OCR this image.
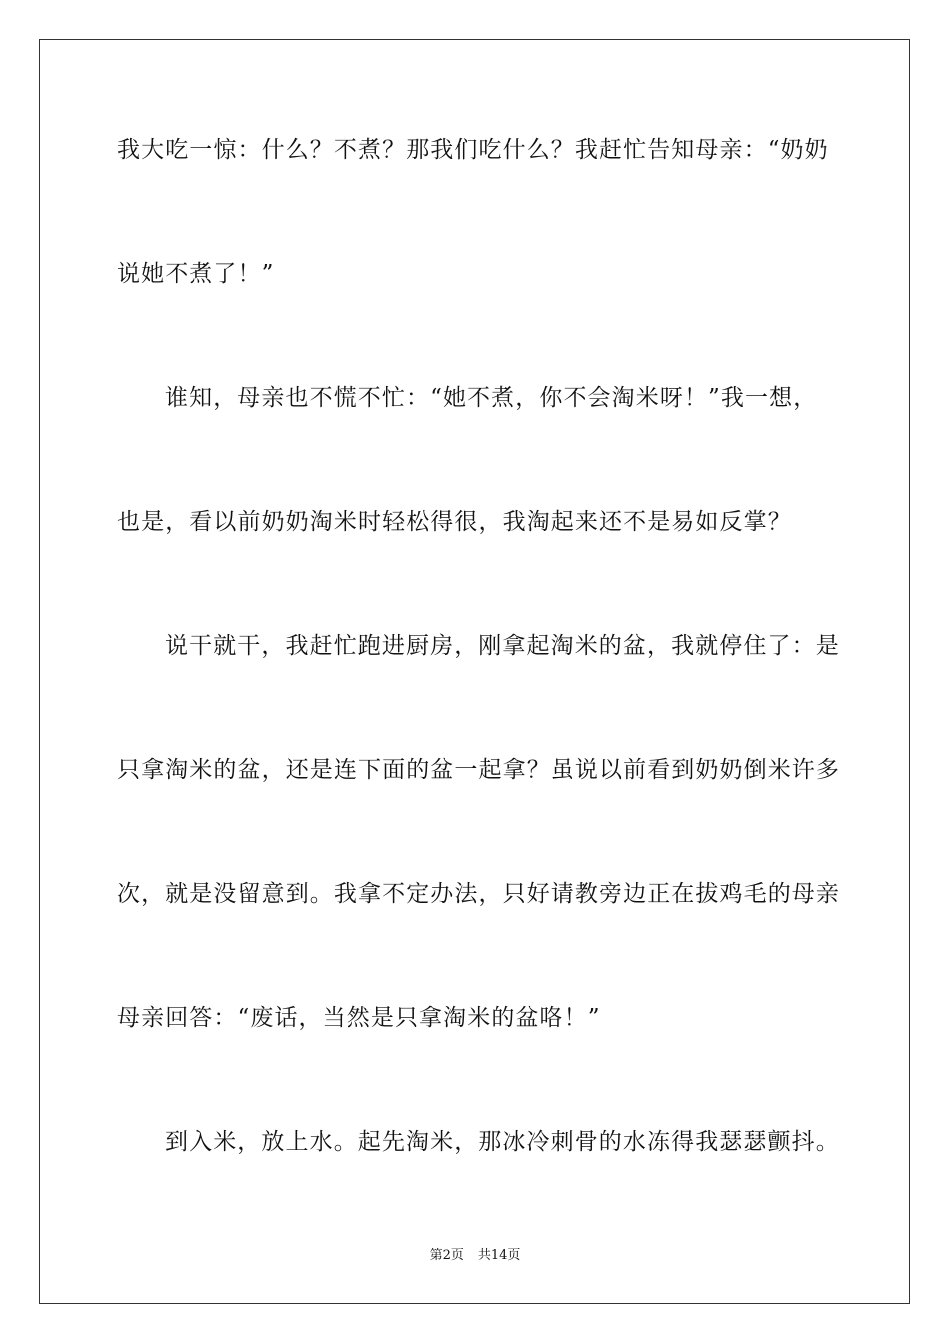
我大吃一惊：什么？不煮？那我们吃什么？我赶忙告知母亲：“奶奶
说她不煮了！”
谁知，母亲也不慌不忙：“她不煮，你不会淘米呀！”我一想，
也是，看以前奶奶淘米时轻松得很，我淘起来还不是易如反掌？
说干就干，我赶忙跑进厨房，刚拿起淘米的盆，我就停住了：是
只拿淘米的盆，还是连下面的盆一起拿？虽说以前看到奶奶倒米许多
次，就是没留意到。我拿不定办法，只好请教旁边正在拔鸡毛的母亲
母亲回答：“废话，当然是只拿淘米的盆咯！”
到入米，放上水。起先淘米，那冰冷刺骨的水冻得我瑟瑟颤抖。
第2页 共14页
